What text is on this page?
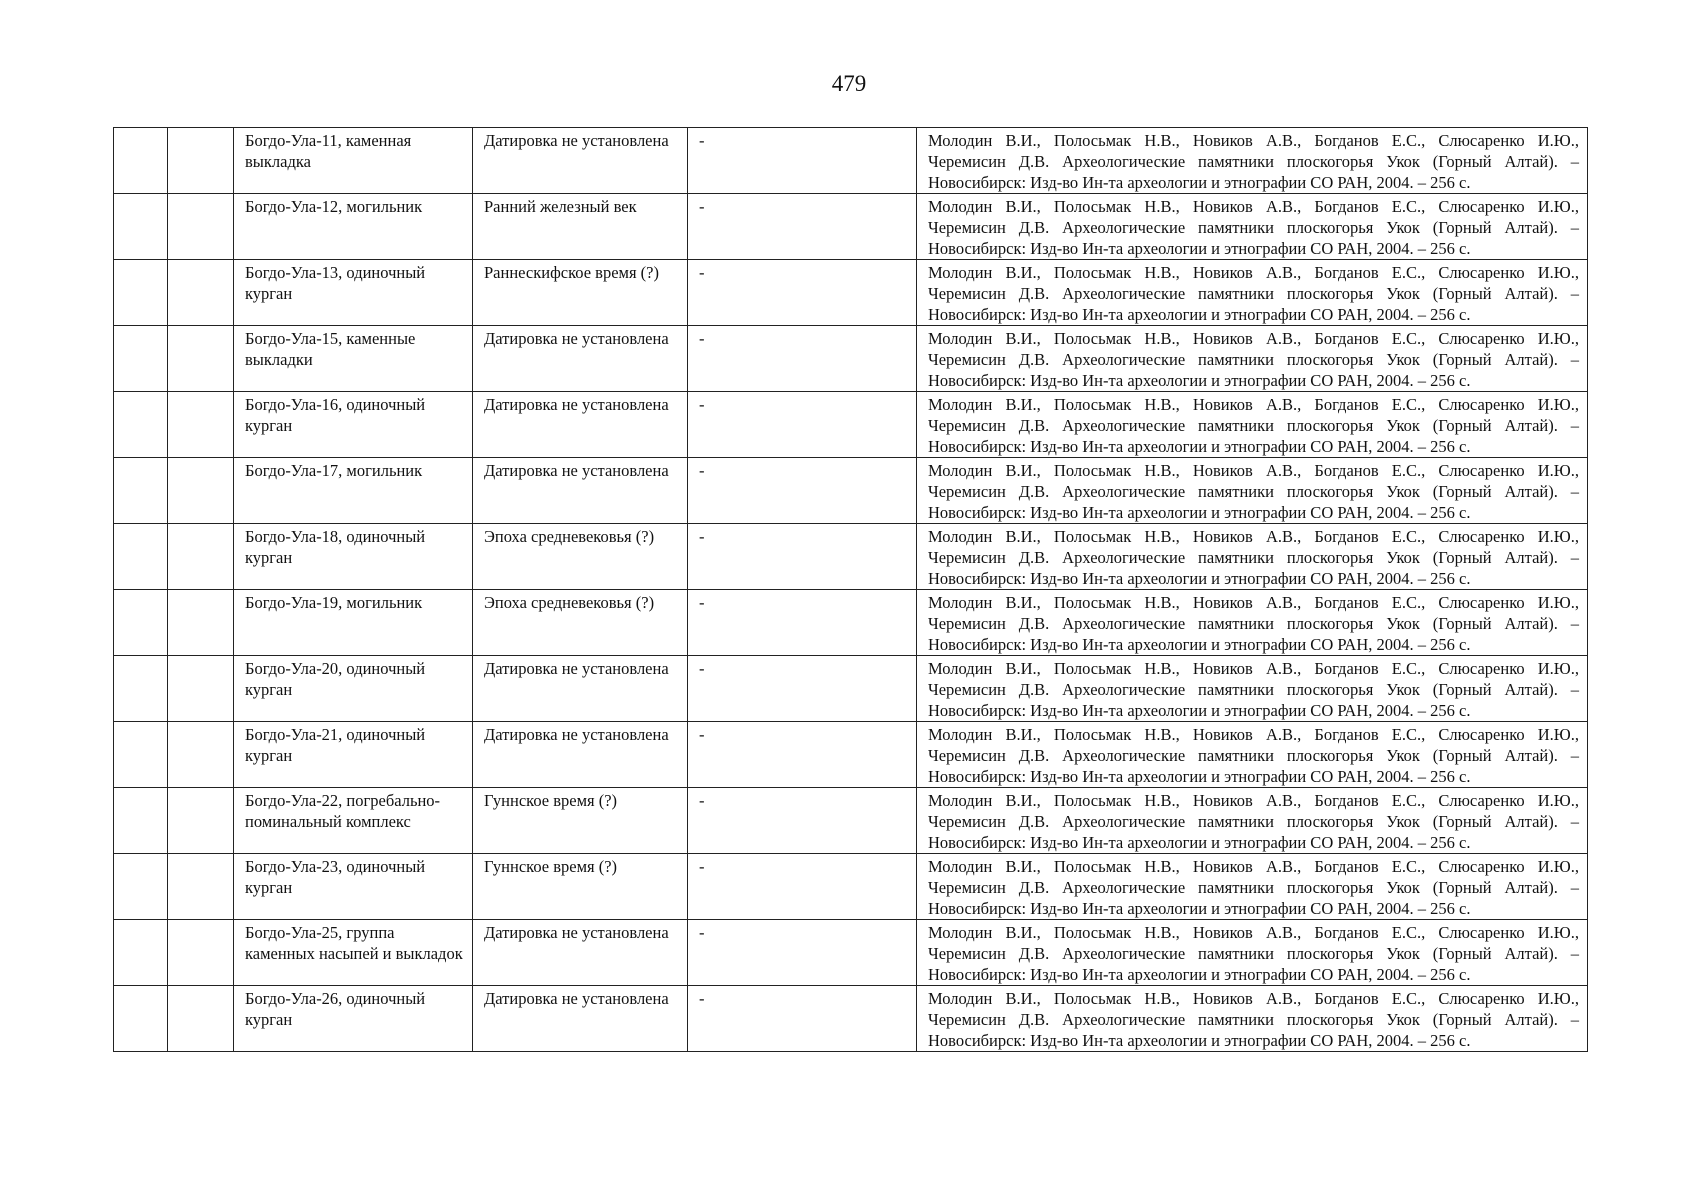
479
		Богдо-Ула-11, каменная выкладка	Датировка не установлена	-	Молодин В.И., Полосьмак Н.В., Новиков А.В., Богданов Е.С., Слюсаренко И.Ю., Черемисин Д.В. Археологические памятники плоскогорья Укок (Горный Алтай). – Новосибирск: Изд-во Ин-та археологии и этнографии СО РАН, 2004. – 256 с.
		Богдо-Ула-12, могильник	Ранний железный век	-	Молодин В.И., Полосьмак Н.В., Новиков А.В., Богданов Е.С., Слюсаренко И.Ю., Черемисин Д.В. Археологические памятники плоскогорья Укок (Горный Алтай). – Новосибирск: Изд-во Ин-та археологии и этнографии СО РАН, 2004. – 256 с.
		Богдо-Ула-13, одиночный курган	Раннескифское время (?)	-	Молодин В.И., Полосьмак Н.В., Новиков А.В., Богданов Е.С., Слюсаренко И.Ю., Черемисин Д.В. Археологические памятники плоскогорья Укок (Горный Алтай). – Новосибирск: Изд-во Ин-та археологии и этнографии СО РАН, 2004. – 256 с.
		Богдо-Ула-15, каменные выкладки	Датировка не установлена	-	Молодин В.И., Полосьмак Н.В., Новиков А.В., Богданов Е.С., Слюсаренко И.Ю., Черемисин Д.В. Археологические памятники плоскогорья Укок (Горный Алтай). – Новосибирск: Изд-во Ин-та археологии и этнографии СО РАН, 2004. – 256 с.
		Богдо-Ула-16, одиночный курган	Датировка не установлена	-	Молодин В.И., Полосьмак Н.В., Новиков А.В., Богданов Е.С., Слюсаренко И.Ю., Черемисин Д.В. Археологические памятники плоскогорья Укок (Горный Алтай). – Новосибирск: Изд-во Ин-та археологии и этнографии СО РАН, 2004. – 256 с.
		Богдо-Ула-17, могильник	Датировка не установлена	-	Молодин В.И., Полосьмак Н.В., Новиков А.В., Богданов Е.С., Слюсаренко И.Ю., Черемисин Д.В. Археологические памятники плоскогорья Укок (Горный Алтай). – Новосибирск: Изд-во Ин-та археологии и этнографии СО РАН, 2004. – 256 с.
		Богдо-Ула-18, одиночный курган	Эпоха средневековья (?)	-	Молодин В.И., Полосьмак Н.В., Новиков А.В., Богданов Е.С., Слюсаренко И.Ю., Черемисин Д.В. Археологические памятники плоскогорья Укок (Горный Алтай). – Новосибирск: Изд-во Ин-та археологии и этнографии СО РАН, 2004. – 256 с.
		Богдо-Ула-19, могильник	Эпоха средневековья (?)	-	Молодин В.И., Полосьмак Н.В., Новиков А.В., Богданов Е.С., Слюсаренко И.Ю., Черемисин Д.В. Археологические памятники плоскогорья Укок (Горный Алтай). – Новосибирск: Изд-во Ин-та археологии и этнографии СО РАН, 2004. – 256 с.
		Богдо-Ула-20, одиночный курган	Датировка не установлена	-	Молодин В.И., Полосьмак Н.В., Новиков А.В., Богданов Е.С., Слюсаренко И.Ю., Черемисин Д.В. Археологические памятники плоскогорья Укок (Горный Алтай). – Новосибирск: Изд-во Ин-та археологии и этнографии СО РАН, 2004. – 256 с.
		Богдо-Ула-21, одиночный курган	Датировка не установлена	-	Молодин В.И., Полосьмак Н.В., Новиков А.В., Богданов Е.С., Слюсаренко И.Ю., Черемисин Д.В. Археологические памятники плоскогорья Укок (Горный Алтай). – Новосибирск: Изд-во Ин-та археологии и этнографии СО РАН, 2004. – 256 с.
		Богдо-Ула-22, погребально-поминальный комплекс	Гуннское время (?)	-	Молодин В.И., Полосьмак Н.В., Новиков А.В., Богданов Е.С., Слюсаренко И.Ю., Черемисин Д.В. Археологические памятники плоскогорья Укок (Горный Алтай). – Новосибирск: Изд-во Ин-та археологии и этнографии СО РАН, 2004. – 256 с.
		Богдо-Ула-23, одиночный курган	Гуннское время (?)	-	Молодин В.И., Полосьмак Н.В., Новиков А.В., Богданов Е.С., Слюсаренко И.Ю., Черемисин Д.В. Археологические памятники плоскогорья Укок (Горный Алтай). – Новосибирск: Изд-во Ин-та археологии и этнографии СО РАН, 2004. – 256 с.
		Богдо-Ула-25, группа каменных насыпей и выкладок	Датировка не установлена	-	Молодин В.И., Полосьмак Н.В., Новиков А.В., Богданов Е.С., Слюсаренко И.Ю., Черемисин Д.В. Археологические памятники плоскогорья Укок (Горный Алтай). – Новосибирск: Изд-во Ин-та археологии и этнографии СО РАН, 2004. – 256 с.
		Богдо-Ула-26, одиночный курган	Датировка не установлена	-	Молодин В.И., Полосьмак Н.В., Новиков А.В., Богданов Е.С., Слюсаренко И.Ю., Черемисин Д.В. Археологические памятники плоскогорья Укок (Горный Алтай). – Новосибирск: Изд-во Ин-та археологии и этнографии СО РАН, 2004. – 256 с.
